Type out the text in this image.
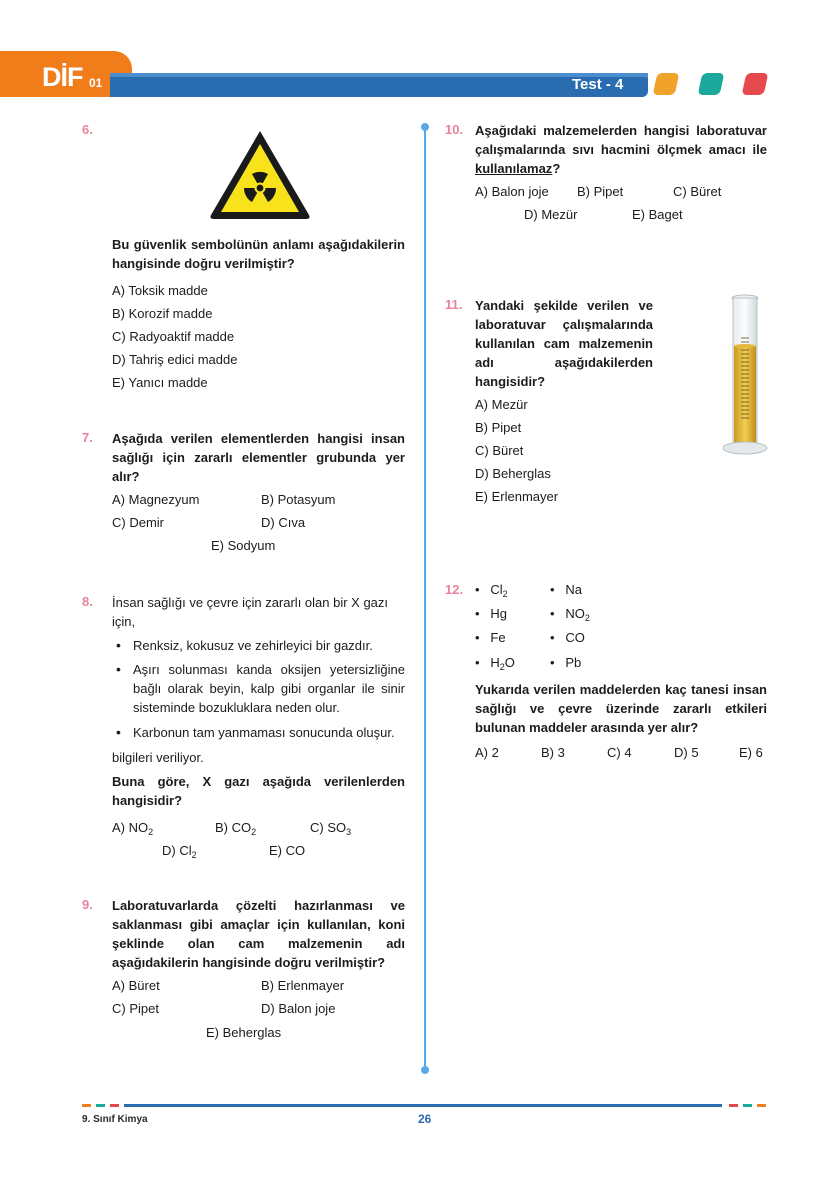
DİF 01	Test - 4
6.
Bu güvenlik sembolünün anlamı aşağıdakilerin hangisinde doğru verilmiştir?
A) Toksik madde
B) Korozif madde
C) Radyoaktif madde
D) Tahriş edici madde
E) Yanıcı madde
7. Aşağıda verilen elementlerden hangisi insan sağlığı için zararlı elementler grubunda yer alır?
A) Magnezyum	B) Potasyum
C) Demir	D) Cıva
E) Sodyum
8. İnsan sağlığı ve çevre için zararlı olan bir X gazı için,
• Renksiz, kokusuz ve zehirleyici bir gazdır.
• Aşırı solunması kanda oksijen yetersizliğine bağlı olarak beyin, kalp gibi organlar ile sinir sisteminde bozukluklara neden olur.
• Karbonun tam yanmaması sonucunda oluşur.
bilgileri veriliyor.
Buna göre, X gazı aşağıda verilenlerden hangisidir?
A) $NO_2$	B) $CO_2$	C) $SO_3$
D) $Cl_2$	E) CO
9. Laboratuvarlarda çözelti hazırlanması ve saklanması gibi amaçlar için kullanılan, koni şeklinde olan cam malzemenin adı aşağıdakilerin hangisinde doğru verilmiştir?
A) Büret	B) Erlenmayer
C) Pipet	D) Balon joje
E) Beherglas
10. Aşağıdaki malzemelerden hangisi laboratuvar çalışmalarında sıvı hacmini ölçmek amacı ile kullanılamaz?
A) Balon joje B) Pipet	C) Büret
D) Mezür	E) Baget
11. Yandaki şekilde verilen ve laboratuvar çalışmalarında kullanılan cam malzemenin adı aşağıdakilerden hangisidir?
A) Mezür
B) Pipet
C) Büret
D) Beherglas
E) Erlenmayer
12. •   $Cl_2$
•   Hg
•   Fe
•   $H_2O$
•   Na
•   $NO_2$
•   CO
•   Pb
Yukarıda verilen maddelerden kaç tanesi insan sağlığı ve çevre üzerinde zararlı etkileri bulunan maddeler arasında yer alır?
A) 2	B) 3	C) 4	D) 5	E) 6
9. Sınıf Kimya	26
